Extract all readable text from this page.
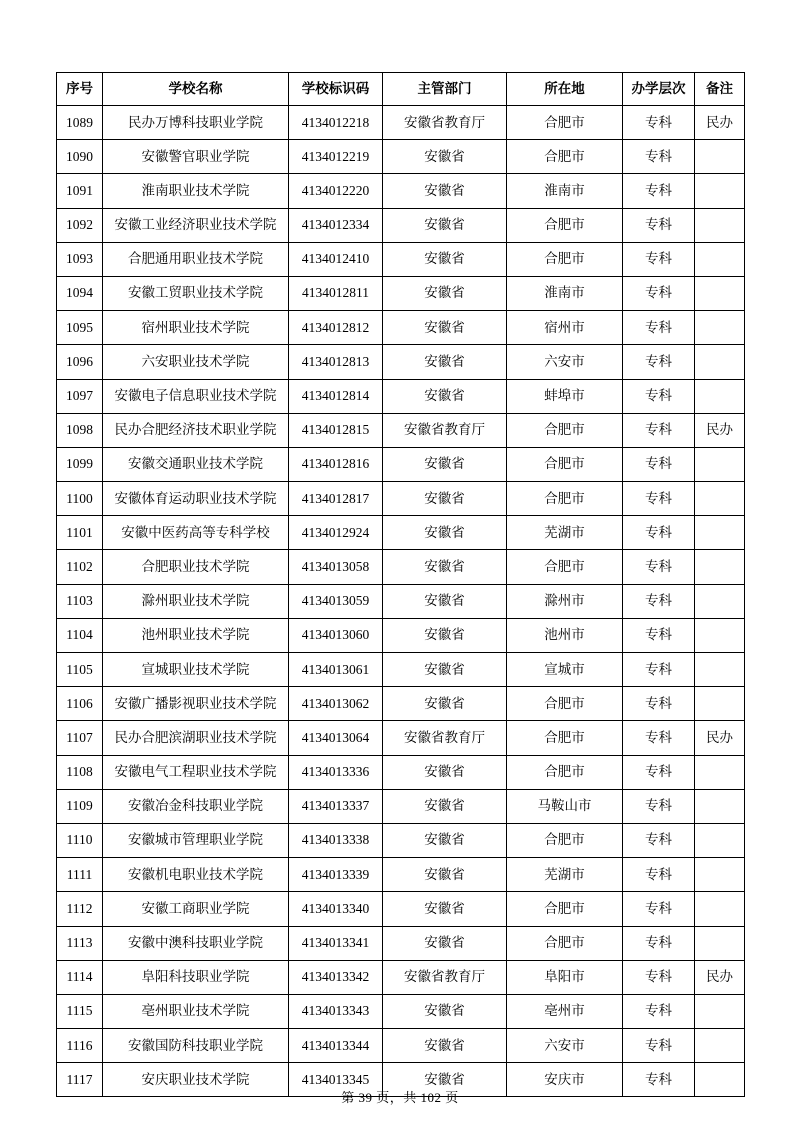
序号	学校名称	学校标识码	主管部门	所在地	办学层次	备注
1089	民办万博科技职业学院	4134012218	安徽省教育厅	合肥市	专科	民办
1090	安徽警官职业学院	4134012219	安徽省	合肥市	专科	
1091	淮南职业技术学院	4134012220	安徽省	淮南市	专科	
1092	安徽工业经济职业技术学院	4134012334	安徽省	合肥市	专科	
1093	合肥通用职业技术学院	4134012410	安徽省	合肥市	专科	
1094	安徽工贸职业技术学院	4134012811	安徽省	淮南市	专科	
1095	宿州职业技术学院	4134012812	安徽省	宿州市	专科	
1096	六安职业技术学院	4134012813	安徽省	六安市	专科	
1097	安徽电子信息职业技术学院	4134012814	安徽省	蚌埠市	专科	
1098	民办合肥经济技术职业学院	4134012815	安徽省教育厅	合肥市	专科	民办
1099	安徽交通职业技术学院	4134012816	安徽省	合肥市	专科	
1100	安徽体育运动职业技术学院	4134012817	安徽省	合肥市	专科	
1101	安徽中医药高等专科学校	4134012924	安徽省	芜湖市	专科	
1102	合肥职业技术学院	4134013058	安徽省	合肥市	专科	
1103	滁州职业技术学院	4134013059	安徽省	滁州市	专科	
1104	池州职业技术学院	4134013060	安徽省	池州市	专科	
1105	宣城职业技术学院	4134013061	安徽省	宣城市	专科	
1106	安徽广播影视职业技术学院	4134013062	安徽省	合肥市	专科	
1107	民办合肥滨湖职业技术学院	4134013064	安徽省教育厅	合肥市	专科	民办
1108	安徽电气工程职业技术学院	4134013336	安徽省	合肥市	专科	
1109	安徽冶金科技职业学院	4134013337	安徽省	马鞍山市	专科	
1110	安徽城市管理职业学院	4134013338	安徽省	合肥市	专科	
1111	安徽机电职业技术学院	4134013339	安徽省	芜湖市	专科	
1112	安徽工商职业学院	4134013340	安徽省	合肥市	专科	
1113	安徽中澳科技职业学院	4134013341	安徽省	合肥市	专科	
1114	阜阳科技职业学院	4134013342	安徽省教育厅	阜阳市	专科	民办
1115	亳州职业技术学院	4134013343	安徽省	亳州市	专科	
1116	安徽国防科技职业学院	4134013344	安徽省	六安市	专科	
1117	安庆职业技术学院	4134013345	安徽省	安庆市	专科	
第 39 页，共 102 页
